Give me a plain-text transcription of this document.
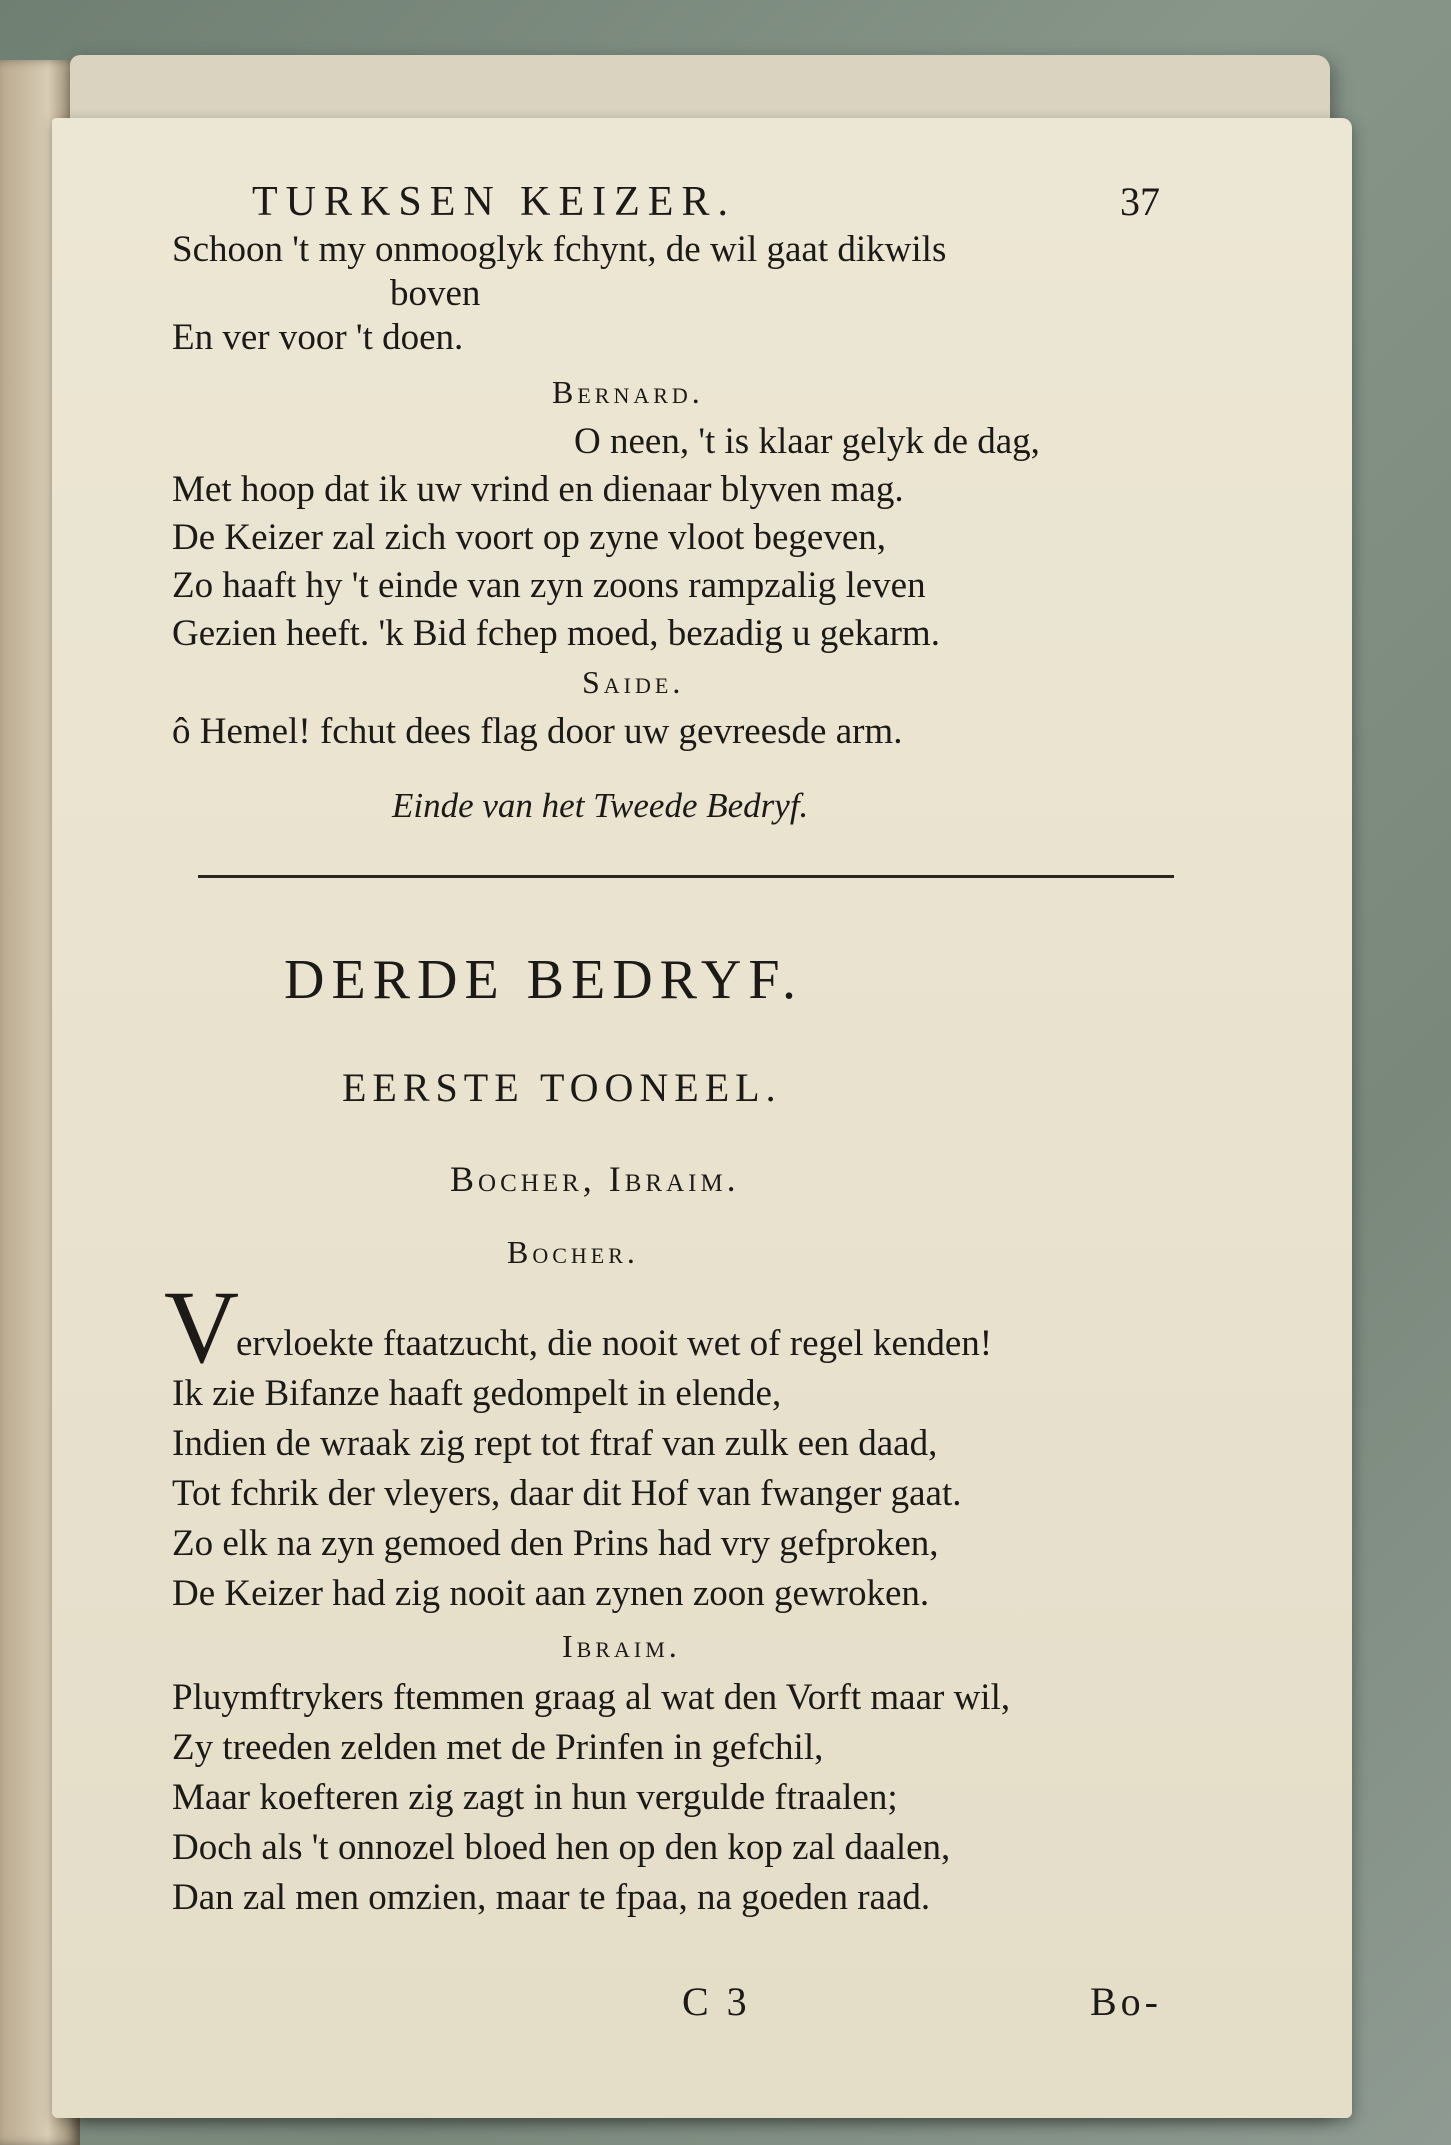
TURKSEN KEIZER.	37
Schoon 't my onmooglyk fchynt, de wil gaat dikwils
boven
En ver voor 't doen.
Bernard.
O neen, 't is klaar gelyk de dag,
Met hoop dat ik uw vrind en dienaar blyven mag.
De Keizer zal zich voort op zyne vloot begeven,
Zo haaft hy 't einde van zyn zoons rampzalig leven
Gezien heeft. 'k Bid fchep moed, bezadig u gekarm.
Saide.
ô Hemel! fchut dees flag door uw gevreesde arm.
Einde van het Tweede Bedryf.
DERDE BEDRYF.
EERSTE TOONEEL.
Bocher, Ibraim.
Bocher.
V
ervloekte ftaatzucht, die nooit wet of regel kenden!
Ik zie Bifanze haaft gedompelt in elende,
Indien de wraak zig rept tot ftraf van zulk een daad,
Tot fchrik der vleyers, daar dit Hof van fwanger gaat.
Zo elk na zyn gemoed den Prins had vry gefproken,
De Keizer had zig nooit aan zynen zoon gewroken.
Ibraim.
Pluymftrykers ftemmen graag al wat den Vorft maar wil,
Zy treeden zelden met de Prinfen in gefchil,
Maar koefteren zig zagt in hun vergulde ftraalen;
Doch als 't onnozel bloed hen op den kop zal daalen,
Dan zal men omzien, maar te fpaa, na goeden raad.
C 3	Bo-
